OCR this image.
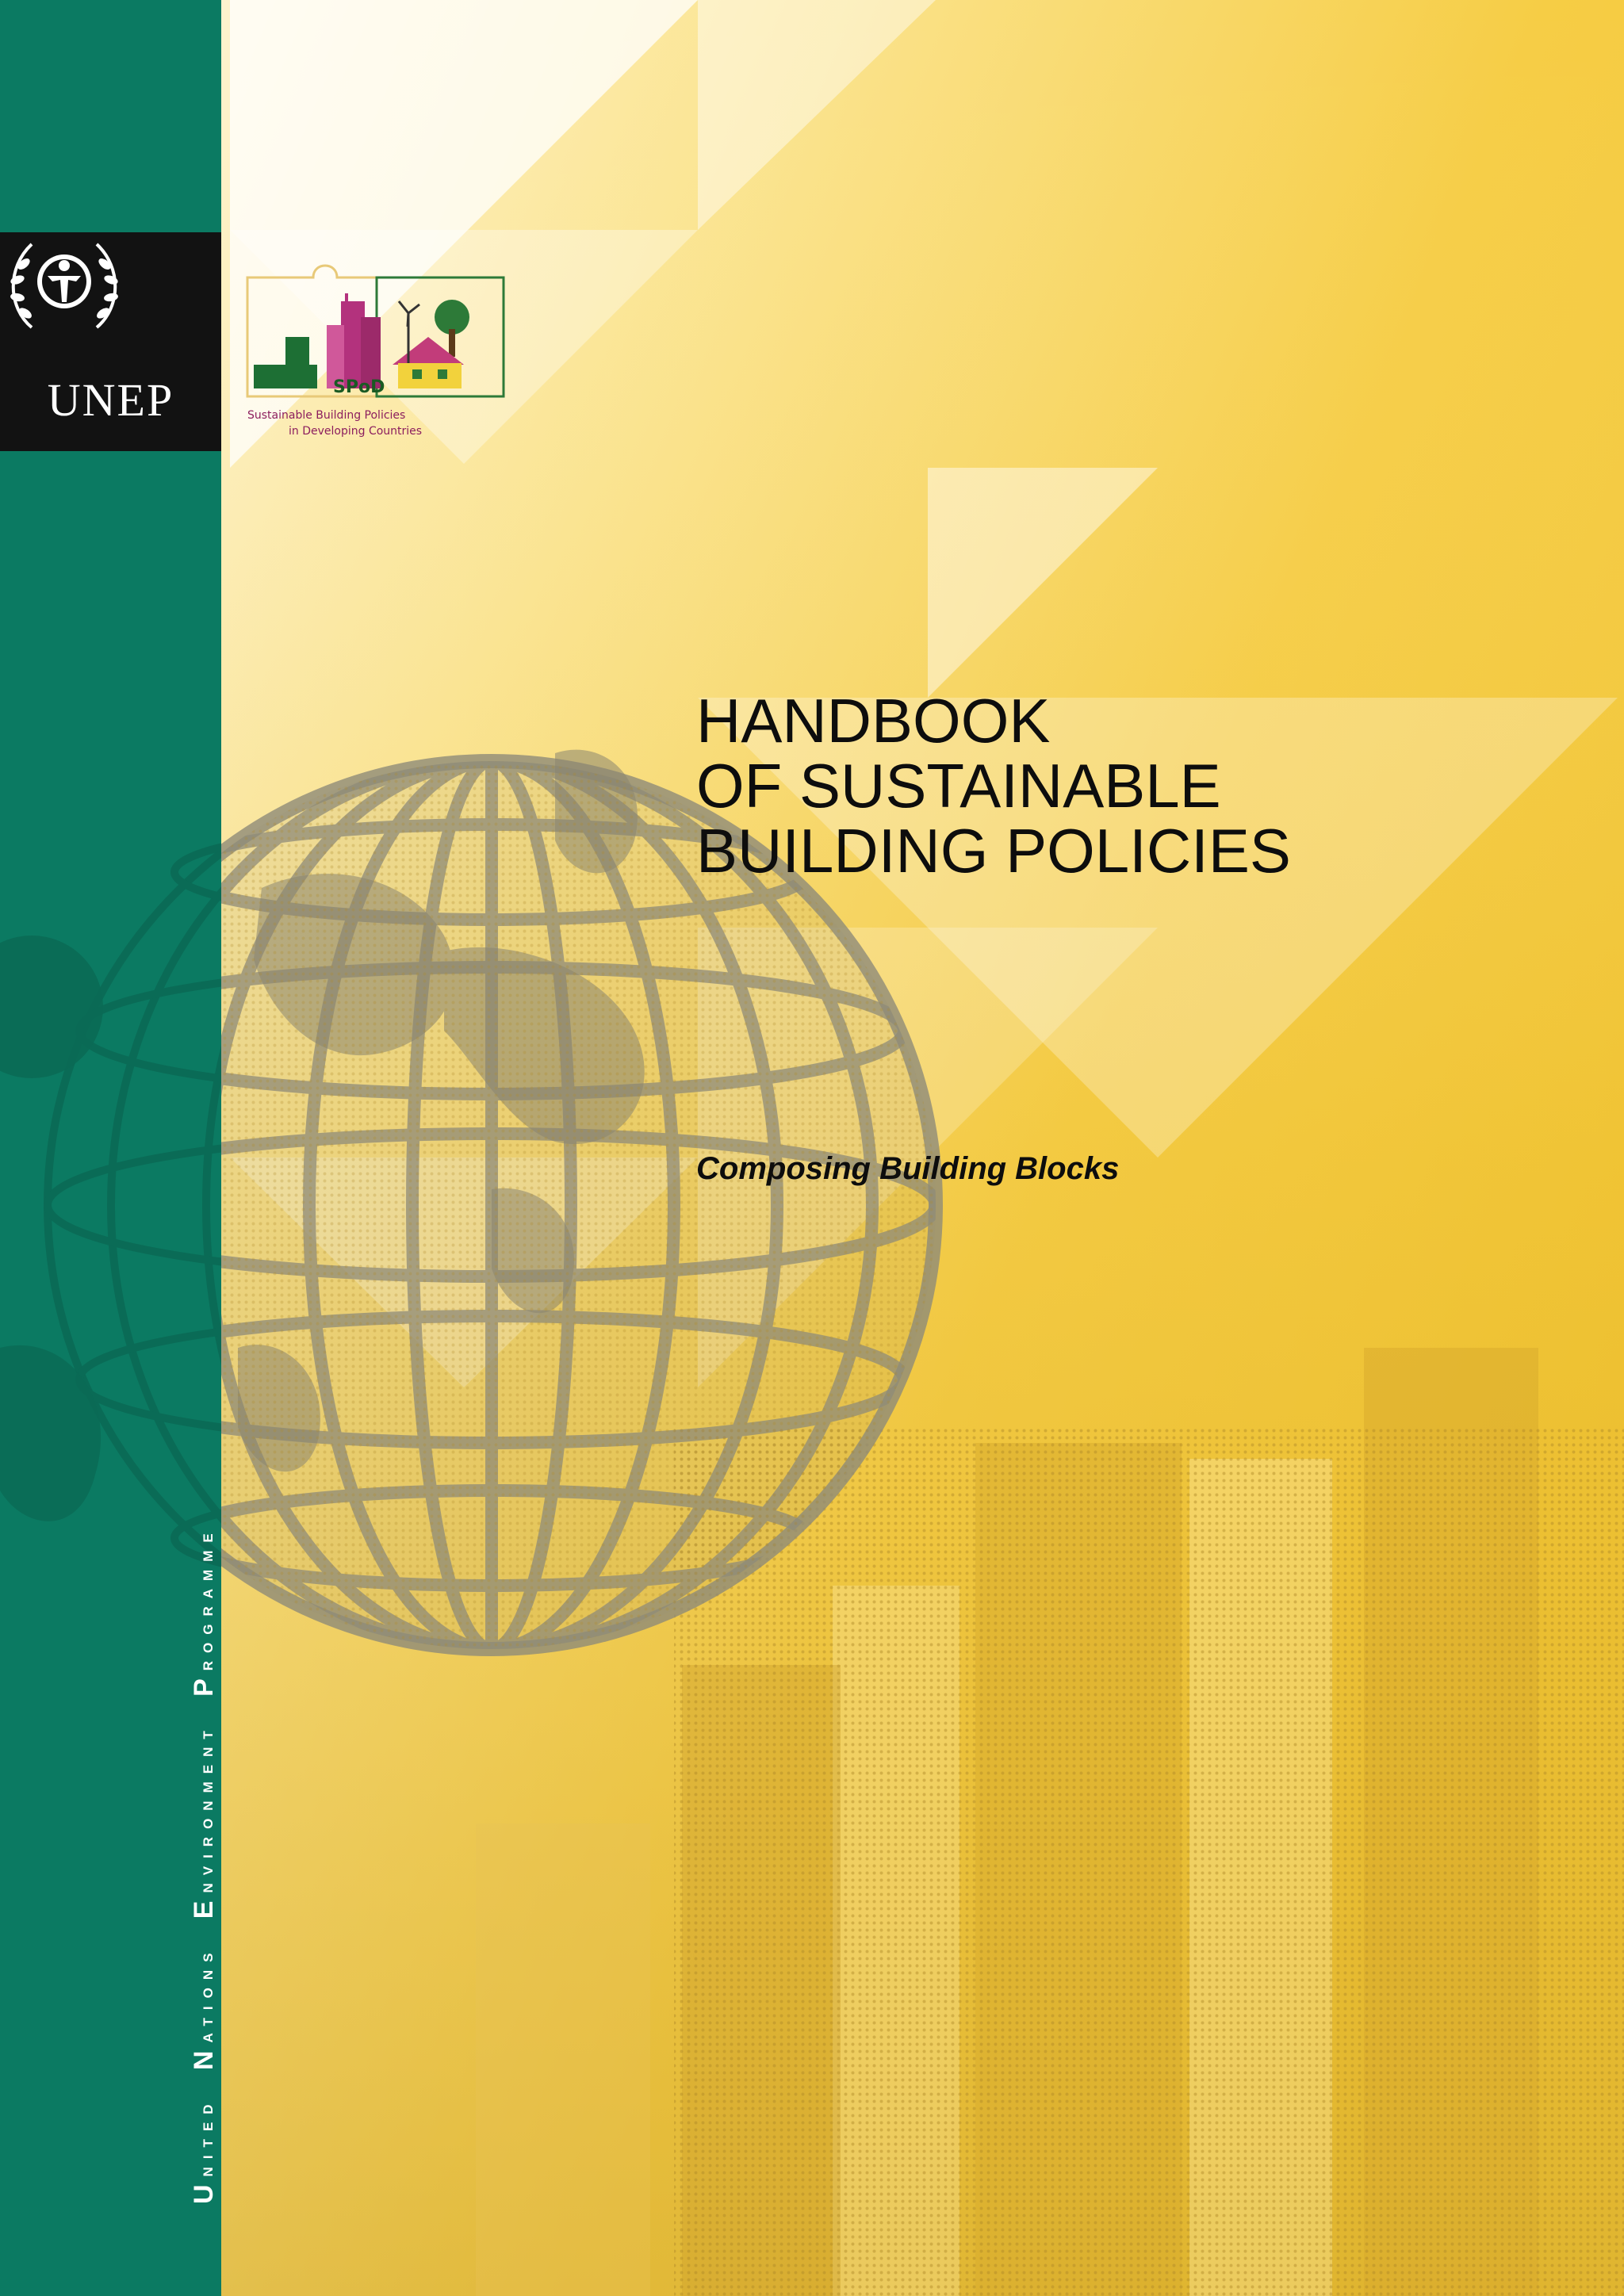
UNEP
United  Nations  Environment  Programme
SPoD
Sustainable Building Policies
in Developing Countries
HANDBOOK
OF SUSTAINABLE
BUILDING POLICIES
Composing Building Blocks
